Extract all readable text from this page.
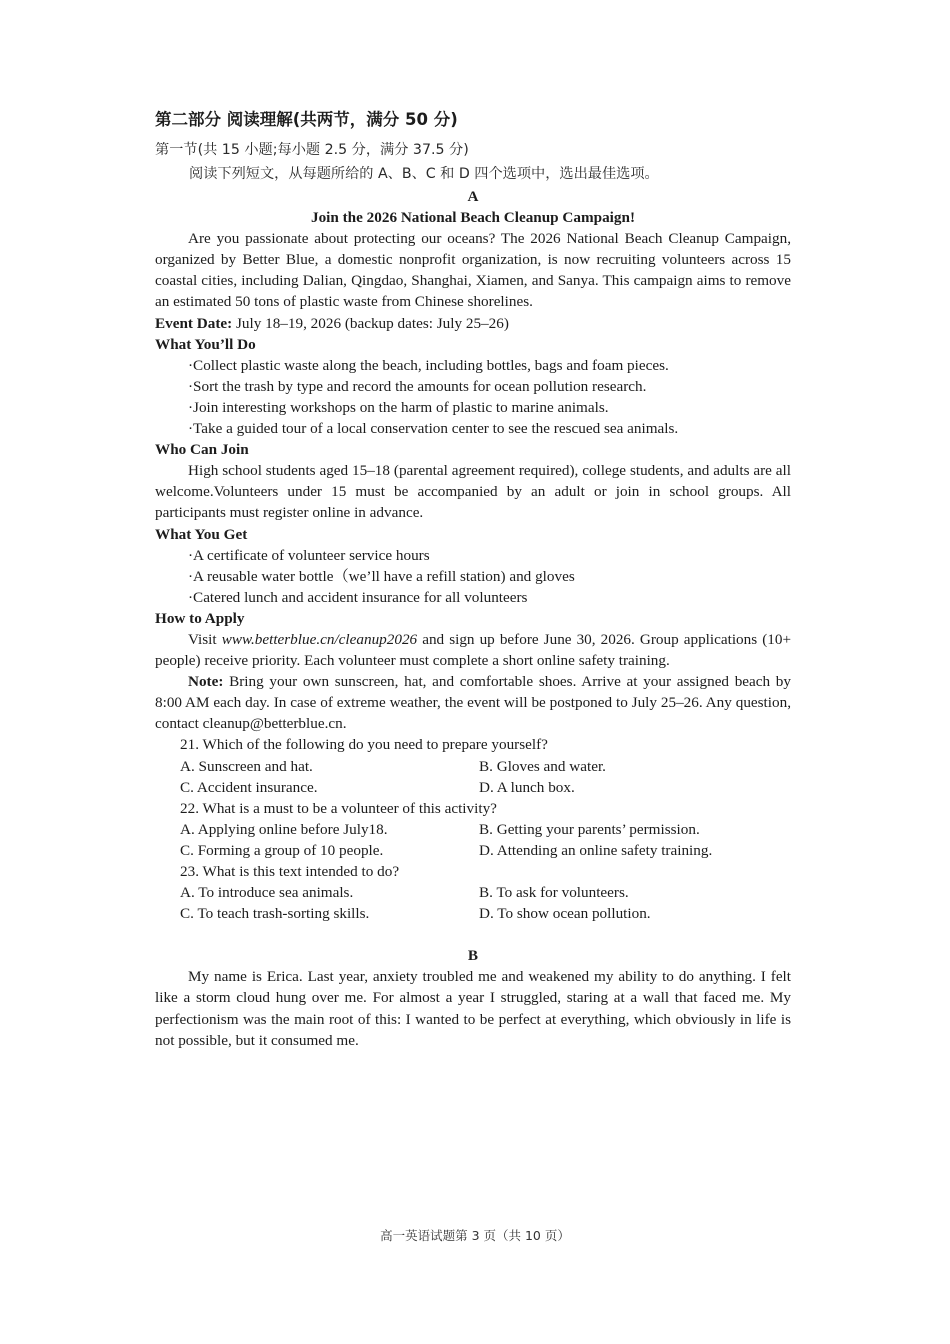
第二部分 阅读理解(共两节，满分 50 分)
第一节(共 15 小题;每小题 2.5 分，满分 37.5 分)
阅读下列短文，从每题所给的 A、B、C 和 D 四个选项中，选出最佳选项。
A
Join the 2026 National Beach Cleanup Campaign!
Are you passionate about protecting our oceans? The 2026 National Beach Cleanup Campaign, organized by Better Blue, a domestic nonprofit organization, is now recruiting volunteers across 15 coastal cities, including Dalian, Qingdao, Shanghai, Xiamen, and Sanya. This campaign aims to remove an estimated 50 tons of plastic waste from Chinese shorelines.
Event Date: July 18–19, 2026 (backup dates: July 25–26)
What You’ll Do
·Collect plastic waste along the beach, including bottles, bags and foam pieces.
·Sort the trash by type and record the amounts for ocean pollution research.
·Join interesting workshops on the harm of plastic to marine animals.
·Take a guided tour of a local conservation center to see the rescued sea animals.
Who Can Join
High school students aged 15–18 (parental agreement required), college students, and adults are all welcome.Volunteers under 15 must be accompanied by an adult or join in school groups. All participants must register online in advance.
What You Get
·A certificate of volunteer service hours
·A reusable water bottle（we’ll have a refill station) and gloves
·Catered lunch and accident insurance for all volunteers
How to Apply
Visit www.betterblue.cn/cleanup2026 and sign up before June 30, 2026. Group applications (10+ people) receive priority. Each volunteer must complete a short online safety training.
Note: Bring your own sunscreen, hat, and comfortable shoes. Arrive at your assigned beach by 8:00 AM each day. In case of extreme weather, the event will be postponed to July 25–26. Any question, contact cleanup@betterblue.cn.
21. Which of the following do you need to prepare yourself?
A. Sunscreen and hat.	B. Gloves and water.
C. Accident insurance.	D. A lunch box.
22. What is a must to be a volunteer of this activity?
A. Applying online before July18.	B. Getting your parents’ permission.
C. Forming a group of 10 people.	D. Attending an online safety training.
23. What is this text intended to do?
A. To introduce sea animals.	B. To ask for volunteers.
C. To teach trash-sorting skills.	D. To show ocean pollution.
B
My name is Erica. Last year, anxiety troubled me and weakened my ability to do anything. I felt like a storm cloud hung over me. For almost a year I struggled, staring at a wall that faced me. My perfectionism was the main root of this: I wanted to be perfect at everything, which obviously in life is not possible, but it consumed me.
高一英语试题第 3 页（共 10 页）
